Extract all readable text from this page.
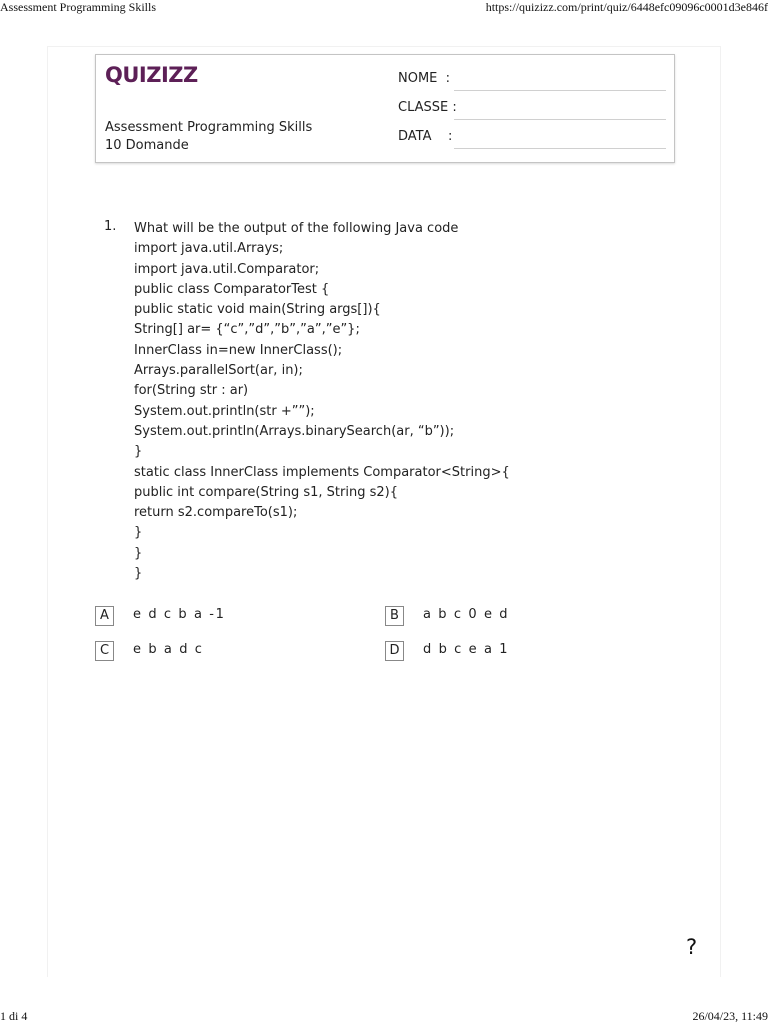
Assessment Programming Skills	https://quizizz.com/print/quiz/6448efc09096c0001d3e846f
QUIZIZZ
Assessment Programming Skills
10 Domande
NOME  :
CLASSE :
DATA    :
1. What will be the output of the following Java code
import java.util.Arrays;
import java.util.Comparator;
public class ComparatorTest {
public static void main(String args[]){
String[] ar= {“c”,”d”,”b”,”a”,”e”};
InnerClass in=new InnerClass();
Arrays.parallelSort(ar, in);
for(String str : ar)
System.out.println(str +””);
System.out.println(Arrays.binarySearch(ar, “b”));
}
static class InnerClass implements Comparator<String>{
public int compare(String s1, String s2){
return s2.compareTo(s1);
}
}
}
A	e d c b a -1	B	a b c 0 e d
C	e b a d c	D	d b c e a 1
?
1 di 4	26/04/23, 11:49
